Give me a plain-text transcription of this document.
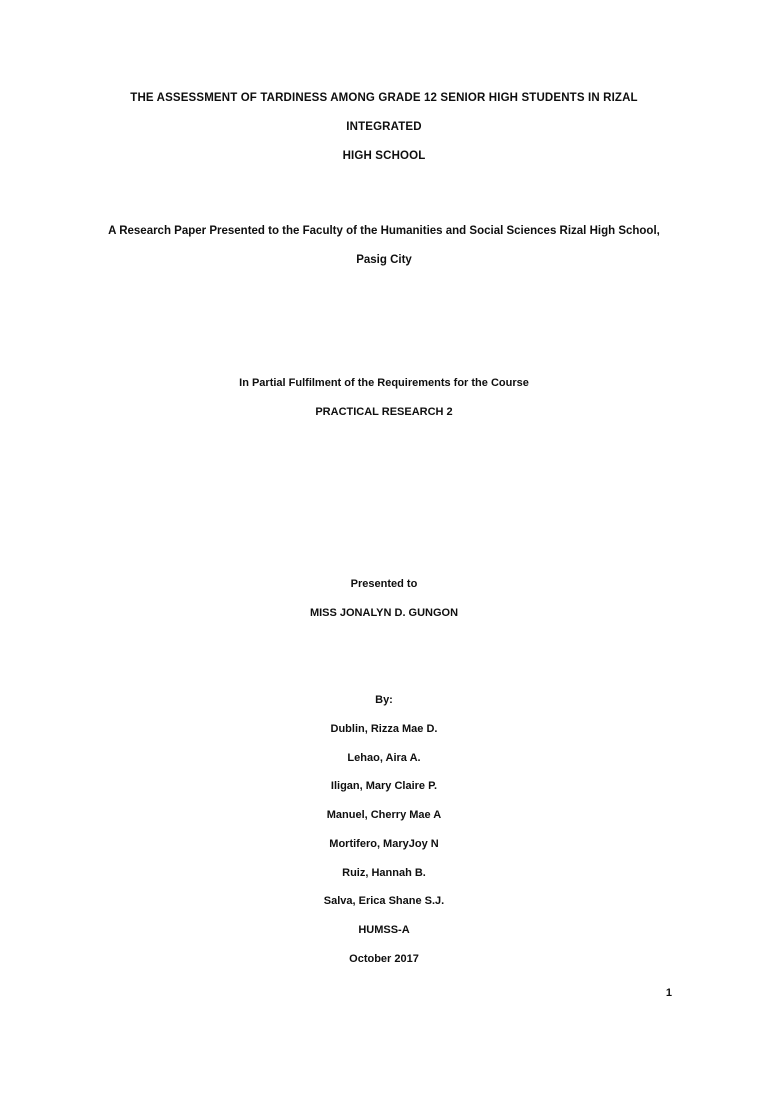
THE ASSESSMENT OF TARDINESS AMONG GRADE 12 SENIOR HIGH STUDENTS IN RIZAL INTEGRATED
HIGH SCHOOL
A Research Paper Presented to the Faculty of the Humanities and Social Sciences Rizal High School,
Pasig City
In Partial Fulfilment of the Requirements for the Course
PRACTICAL RESEARCH 2
Presented to
MISS JONALYN D. GUNGON
By:
Dublin, Rizza Mae D.
Lehao, Aira A.
Iligan, Mary Claire P.
Manuel, Cherry Mae A
Mortifero, MaryJoy N
Ruiz, Hannah B.
Salva, Erica Shane S.J.
HUMSS-A
October 2017
1
